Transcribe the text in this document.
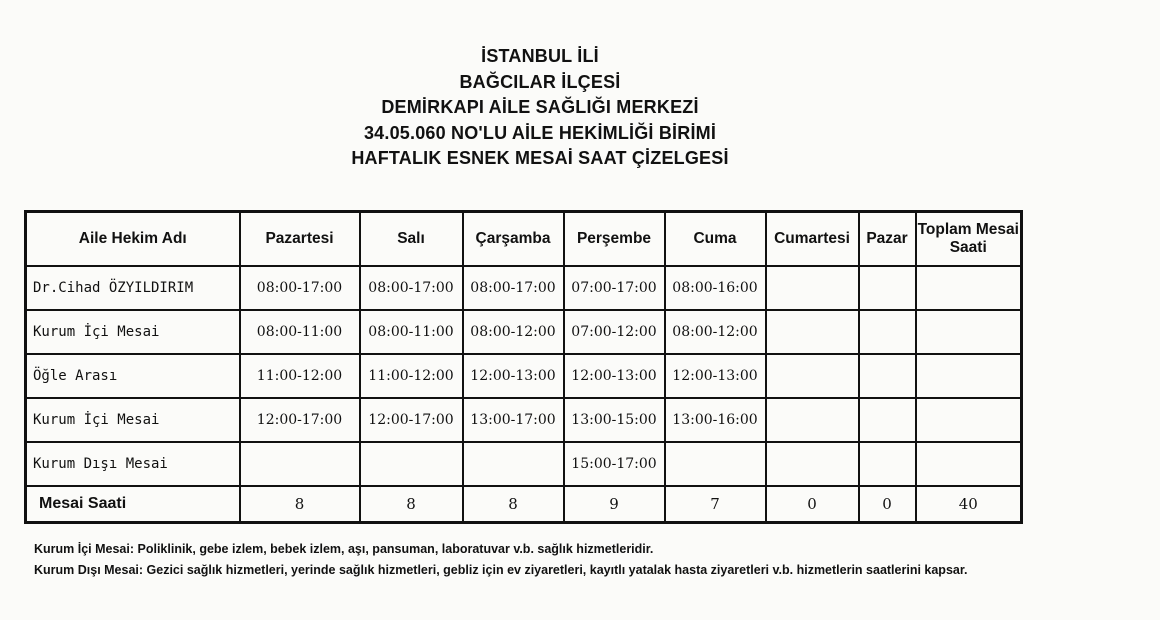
İSTANBUL İLİ
BAĞCILAR İLÇESİ
DEMİRKAPI AİLE SAĞLIĞI MERKEZİ
34.05.060 NO'LU AİLE HEKİMLİĞİ BİRİMİ
HAFTALIK ESNEK MESAİ SAAT ÇİZELGESİ
Aile Hekim Adı	Pazartesi	Salı	Çarşamba	Perşembe	Cuma	Cumartesi	Pazar	Toplam Mesai Saati
Dr.Cihad ÖZYILDIRIM	08:00-17:00	08:00-17:00	08:00-17:00	07:00-17:00	08:00-16:00			
Kurum İçi Mesai	08:00-11:00	08:00-11:00	08:00-12:00	07:00-12:00	08:00-12:00			
Öğle Arası	11:00-12:00	11:00-12:00	12:00-13:00	12:00-13:00	12:00-13:00			
Kurum İçi Mesai	12:00-17:00	12:00-17:00	13:00-17:00	13:00-15:00	13:00-16:00			
Kurum Dışı Mesai				15:00-17:00				
Mesai Saati	8	8	8	9	7	0	0	40
Kurum İçi Mesai: Poliklinik, gebe izlem, bebek izlem, aşı, pansuman, laboratuvar v.b. sağlık hizmetleridir.
Kurum Dışı Mesai: Gezici sağlık hizmetleri, yerinde sağlık hizmetleri, gebliz için ev ziyaretleri, kayıtlı yatalak hasta ziyaretleri v.b. hizmetlerin saatlerini kapsar.
